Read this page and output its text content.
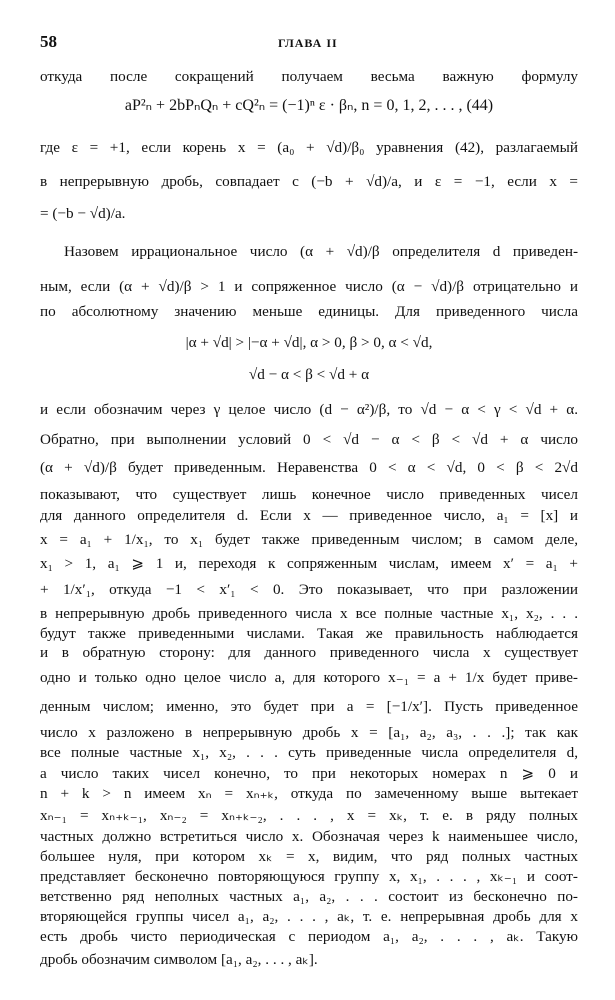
58	ГЛАВА II
откуда после сокращений получаем весьма важную формулу
aP²ₙ + 2bPₙQₙ + cQ²ₙ = (−1)ⁿ ε · βₙ, n = 0, 1, 2, . . . , (44)
где ε = +1, если корень x = (a₀ + √d)/β₀ уравнения (42), разлагаемый
в непрерывную дробь, совпадает с (−b + √d)/a, и ε = −1, если x =
= (−b − √d)/a.
Назовем иррациональное число (α + √d)/β определителя d приведен-
ным, если (α + √d)/β > 1 и сопряженное число (α − √d)/β отрицательно и
по абсолютному значению меньше единицы. Для приведенного числа
|α + √d| > |−α + √d|, α > 0, β > 0, α < √d,
√d − α < β < √d + α
и если обозначим через γ целое число (d − α²)/β, то √d − α < γ < √d + α.
Обратно, при выполнении условий 0 < √d − α < β < √d + α число
(α + √d)/β будет приведенным. Неравенства 0 < α < √d, 0 < β < 2√d
показывают, что существует лишь конечное число приведенных чисел
для данного определителя d. Если x — приведенное число, a₁ = [x] и
x = a₁ + 1/x₁, то x₁ будет также приведенным числом; в самом деле,
x₁ > 1, a₁ ⩾ 1 и, переходя к сопряженным числам, имеем x′ = a₁ +
+ 1/x′₁, откуда −1 < x′₁ < 0. Это показывает, что при разложении
в непрерывную дробь приведенного числа x все полные частные x₁, x₂, . . .
будут также приведенными числами. Такая же правильность наблюдается
и в обратную сторону: для данного приведенного числа x существует
одно и только одно целое число a, для которого x₋₁ = a + 1/x будет приве-
денным числом; именно, это будет при a = [−1/x′]. Пусть приведенное
число x разложено в непрерывную дробь x = [a₁, a₂, a₃, . . .]; так как
все полные частные x₁, x₂, . . . суть приведенные числа определителя d,
а число таких чисел конечно, то при некоторых номерах n ⩾ 0 и
n + k > n имеем xₙ = xₙ₊ₖ, откуда по замеченному выше вытекает
xₙ₋₁ = xₙ₊ₖ₋₁, xₙ₋₂ = xₙ₊ₖ₋₂, . . . , x = xₖ, т. е. в ряду полных
частных должно встретиться число x. Обозначая через k наименьшее число,
большее нуля, при котором xₖ = x, видим, что ряд полных частных
представляет бесконечно повторяющуюся группу x, x₁, . . . , xₖ₋₁ и соот-
ветственно ряд неполных частных a₁, a₂, . . . состоит из бесконечно по-
вторяющейся группы чисел a₁, a₂, . . . , aₖ, т. е. непрерывная дробь для x
есть дробь чисто периодическая с периодом a₁, a₂, . . . , aₖ. Такую
дробь обозначим символом [a₁, a₂, . . . , aₖ].
